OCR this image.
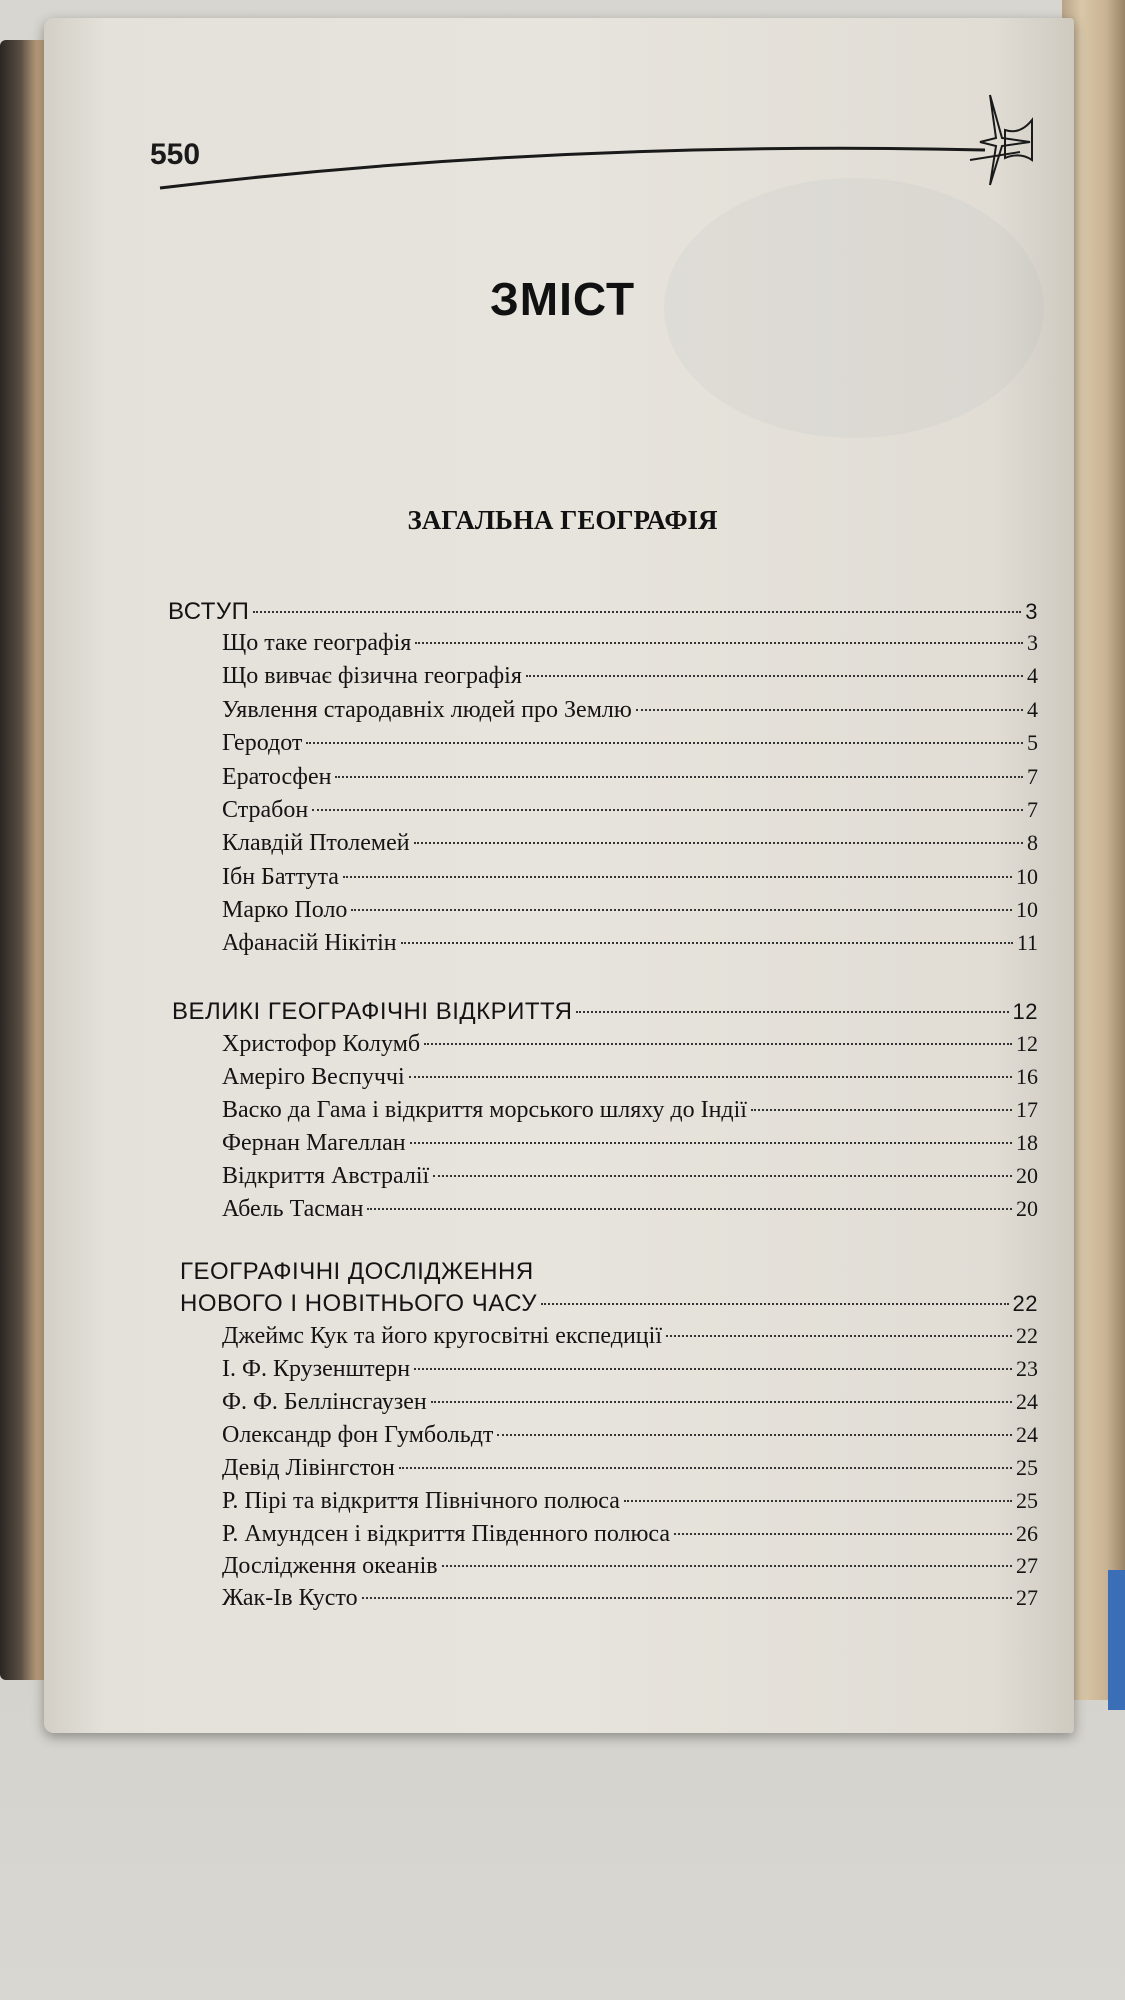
550
ЗМІСТ
ЗАГАЛЬНА ГЕОГРАФІЯ
ВСТУП	3
Що таке географія	3
Що вивчає фізична географія	4
Уявлення стародавніх людей про Землю	4
Геродот	5
Ератосфен	7
Страбон	7
Клавдій Птолемей	8
Ібн Баттута	10
Марко Поло	10
Афанасій Нікітін	11
ВЕЛИКІ ГЕОГРАФІЧНІ ВІДКРИТТЯ	12
Христофор Колумб	12
Амеріго Веспуччі	16
Васко да Гама і відкриття морського шляху до Індії	17
Фернан Магеллан	18
Відкриття Австралії	20
Абель Тасман	20
ГЕОГРАФІЧНІ ДОСЛІДЖЕННЯ
НОВОГО І НОВІТНЬОГО ЧАСУ	22
Джеймс Кук та його кругосвітні експедиції	22
І. Ф. Крузенштерн	23
Ф. Ф. Беллінсгаузен	24
Олександр фон Гумбольдт	24
Девід Лівінгстон	25
Р. Пірі та відкриття Північного полюса	25
Р. Амундсен і відкриття Південного полюса	26
Дослідження океанів	27
Жак-Ів Кусто	27
